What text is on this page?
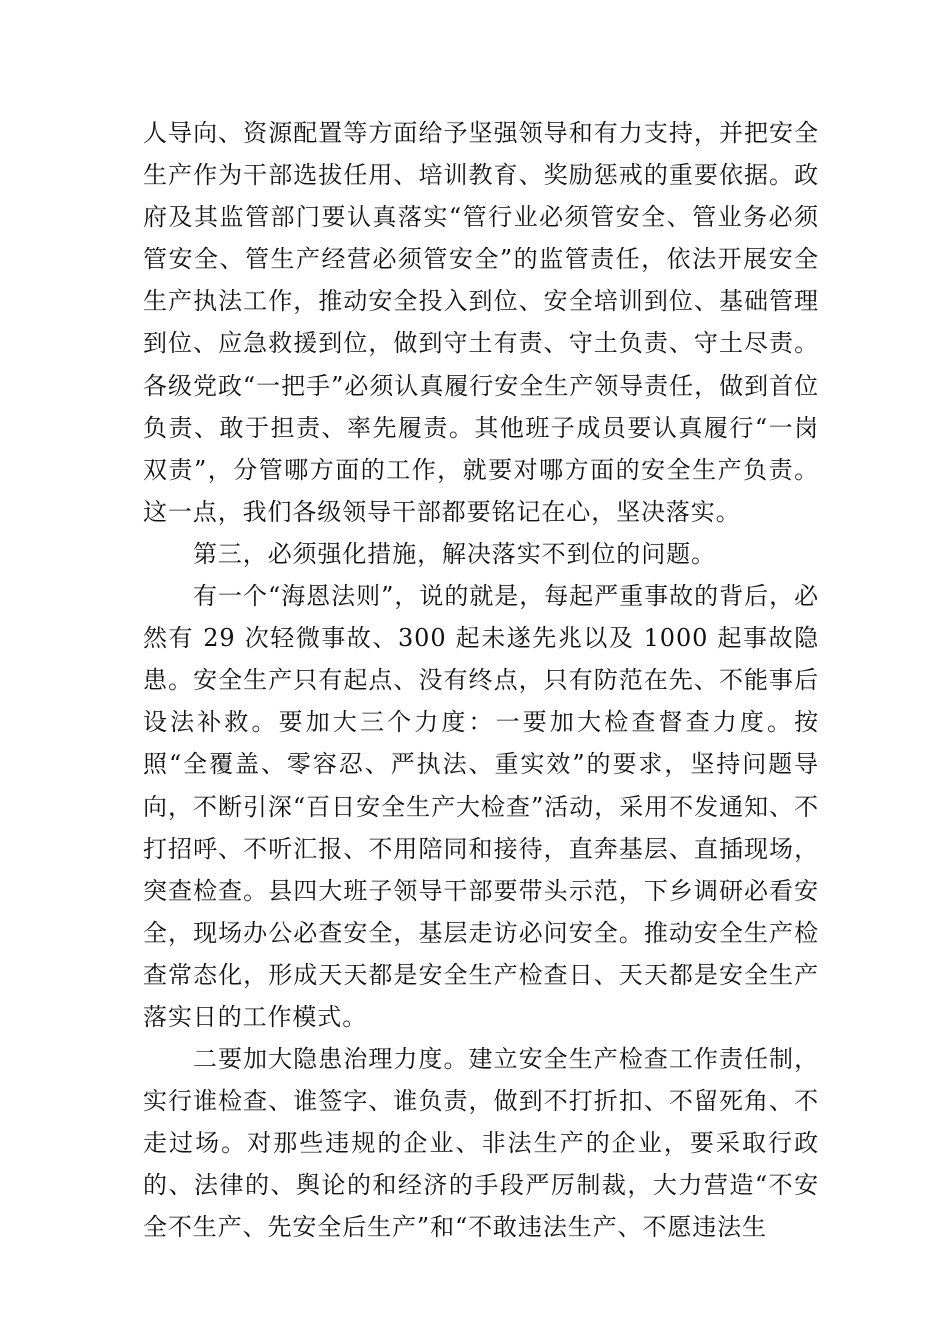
人导向、资源配置等方面给予坚强领导和有力支持，并把安全生产作为干部选拔任用、培训教育、奖励惩戒的重要依据。政府及其监管部门要认真落实“管行业必须管安全、管业务必须管安全、管生产经营必须管安全”的监管责任，依法开展安全生产执法工作，推动安全投入到位、安全培训到位、基础管理到位、应急救援到位，做到守土有责、守土负责、守土尽责。各级党政“一把手”必须认真履行安全生产领导责任，做到首位负责、敢于担责、率先履责。其他班子成员要认真履行“一岗双责”，分管哪方面的工作，就要对哪方面的安全生产负责。这一点，我们各级领导干部都要铭记在心，坚决落实。

第三，必须强化措施，解决落实不到位的问题。

有一个“海恩法则”，说的就是，每起严重事故的背后，必然有 29 次轻微事故、300 起未遂先兆以及 1000 起事故隐患。安全生产只有起点、没有终点，只有防范在先、不能事后设法补救。要加大三个力度：一要加大检查督查力度。按照“全覆盖、零容忍、严执法、重实效”的要求，坚持问题导向，不断引深“百日安全生产大检查”活动，采用不发通知、不打招呼、不听汇报、不用陪同和接待，直奔基层、直插现场，突查检查。县四大班子领导干部要带头示范，下乡调研必看安全，现场办公必查安全，基层走访必问安全。推动安全生产检查常态化，形成天天都是安全生产检查日、天天都是安全生产落实日的工作模式。

二要加大隐患治理力度。建立安全生产检查工作责任制，实行谁检查、谁签字、谁负责，做到不打折扣、不留死角、不走过场。对那些违规的企业、非法生产的企业，要采取行政的、法律的、舆论的和经济的手段严厉制裁，大力营造“不安全不生产、先安全后生产”和“不敢违法生产、不愿违法生
